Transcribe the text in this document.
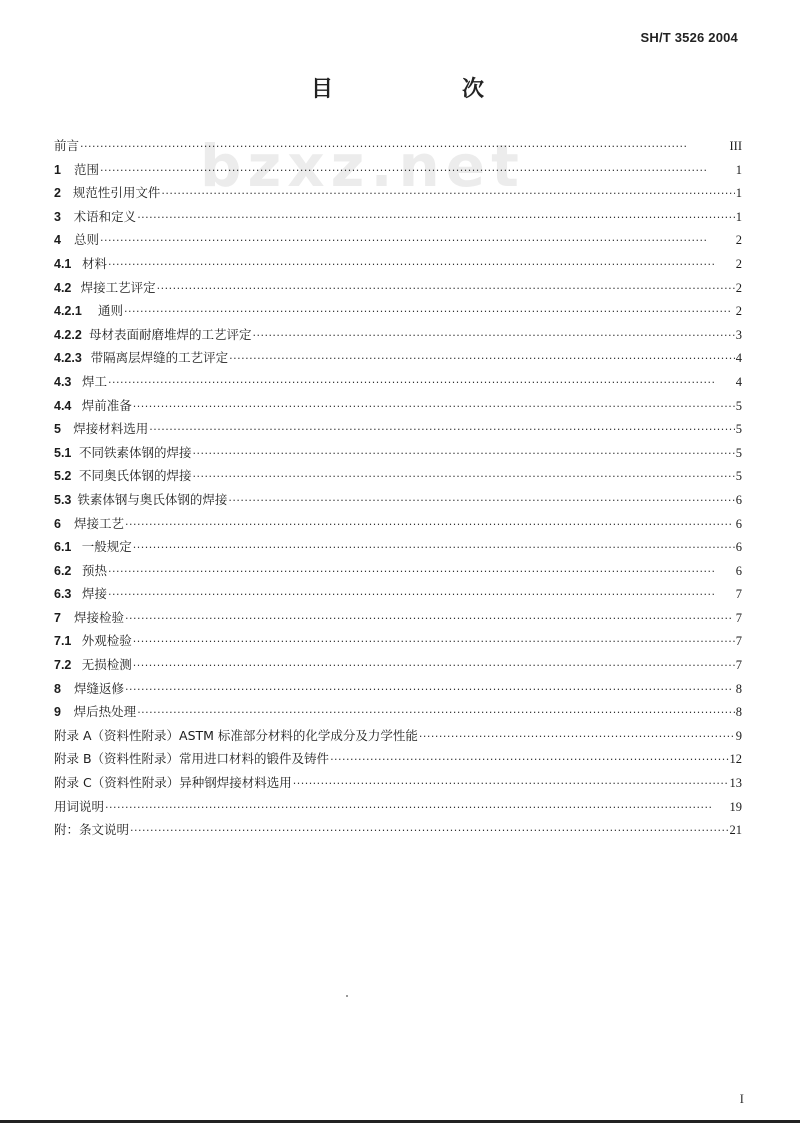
SH/T 3526 2004
目	次
bzxz.net
前言 ·····	III
1	范围 ·····	1
2 规范性引用文件 ·····	1
3	术语和定义 ·····	1
4	总则 ·····	2
4.1 材料 ·····	2
4.2 焊接工艺评定 ·····	2
4.2.1	通则 ·····	2
4.2.2 母材表面耐磨堆焊的工艺评定 ·····	3
4.2.3 带隔离层焊缝的工艺评定 ·····	4
4.3 焊工 ·····	4
4.4 焊前准备 ·····	5
5 焊接材料选用 ·····	5
5.1 不同铁素体钢的焊接 ·····	5
5.2 不同奥氏体钢的焊接 ·····	5
5.3 铁素体钢与奥氏体钢的焊接 ·····	6
6	焊接工艺 ·····	6
6.1 一般规定 ·····	6
6.2 预热 ·····	6
6.3 焊接 ·····	7
7	焊接检验 ·····	7
7.1 外观检验 ·····	7
7.2 无损检测 ·····	7
8	焊缝返修 ·····	8
9	焊后热处理 ·····	8
附录 A（资料性附录）ASTM 标准部分材料的化学成分及力学性能 ·····	9
附录 B（资料性附录）常用进口材料的锻件及铸件 ·····	12
附录 C（资料性附录）异种钢焊接材料选用 ·····	13
用词说明 ·····	19
附：条文说明 ·····	21
I
